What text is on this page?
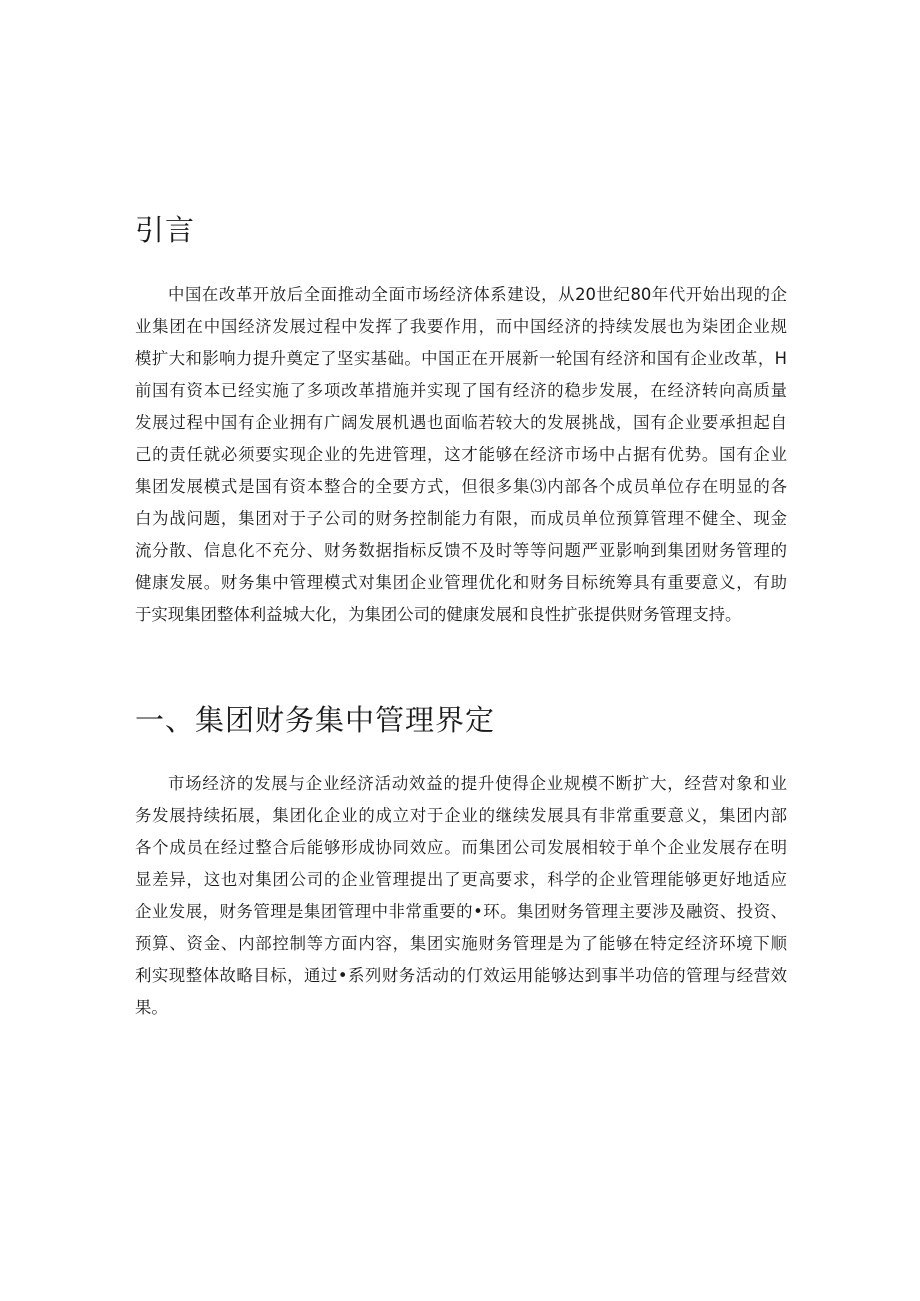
引言
中国在改革开放后全面推动全面市场经济体系建设，从20世纪80年代开始出现的企
业集团在中国经济发展过程中发挥了我要作用，而中国经济的持续发展也为柒团企业规
模扩大和影响力提升奠定了坚实基础。中国正在开展新一轮国有经济和国有企业改革，H
前国有资本已经实施了多项改革措施并实现了国有经济的稳步发展，在经济转向高质量
发展过程中国有企业拥有广阔发展机遇也面临若较大的发展挑战，国有企业要承担起自
己的责任就必须要实现企业的先进管理，这才能够在经济市场中占据有优势。国有企业
集团发展模式是国有资本整合的全要方式，但很多集⑶内部各个成员单位存在明显的各
白为战问题，集团对于子公司的财务控制能力有限，而成员单位预算管理不健全、现金
流分散、信息化不充分、财务数据指标反馈不及时等等问题严亚影响到集团财务管理的
健康发展。财务集中管理模式对集团企业管理优化和财务目标统筹具有重要意义，有助
于实现集团整体利益城大化，为集团公司的健康发展和良性扩张提供财务管理支持。
一、集团财务集中管理界定
市场经济的发展与企业经济活动效益的提升使得企业规模不断扩大，经营对象和业
务发展持续拓展，集团化企业的成立对于企业的继续发展具有非常重要意义，集团内部
各个成员在经过整合后能够形成协同效应。而集团公司发展相较于单个企业发展存在明
显差异，这也对集团公司的企业管理提出了更高要求，科学的企业管理能够更好地适应
企业发展，财务管理是集团管理中非常重要的•环。集团财务管理主要涉及融资、投资、
预算、资金、内部控制等方面内容，集团实施财务管理是为了能够在特定经济环境下顺
利实现整体故略目标，通过•系列财务活动的仃效运用能够达到事半功倍的管理与经营效
果。
